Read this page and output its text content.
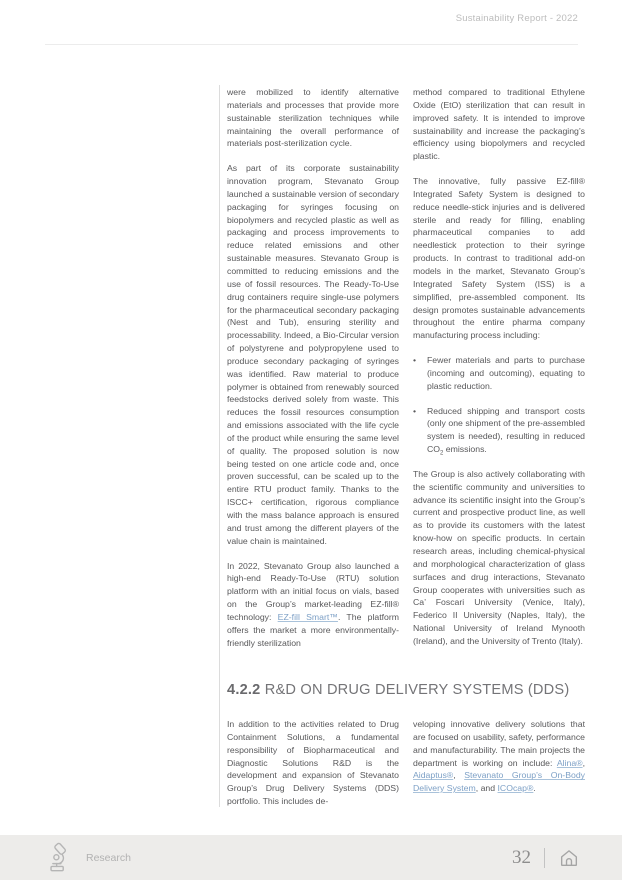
Sustainability Report - 2022
were mobilized to identify alternative materials and processes that provide more sustainable sterilization techniques while maintaining the overall performance of materials post-sterilization cycle.
As part of its corporate sustainability innovation program, Stevanato Group launched a sustainable version of secondary packaging for syringes focusing on biopolymers and recycled plastic as well as packaging and process improvements to reduce related emissions and other sustainable measures. Stevanato Group is committed to reducing emissions and the use of fossil resources. The Ready-To-Use drug containers require single-use polymers for the pharmaceutical secondary packaging (Nest and Tub), ensuring sterility and processability. Indeed, a Bio-Circular version of polystyrene and polypropylene used to produce secondary packaging of syringes was identified. Raw material to produce polymer is obtained from renewably sourced feedstocks derived solely from waste. This reduces the fossil resources consumption and emissions associated with the life cycle of the product while ensuring the same level of quality. The proposed solution is now being tested on one article code and, once proven successful, can be scaled up to the entire RTU product family. Thanks to the ISCC+ certification, rigorous compliance with the mass balance approach is ensured and trust among the different players of the value chain is maintained.
In 2022, Stevanato Group also launched a high-end Ready-To-Use (RTU) solution platform with an initial focus on vials, based on the Group’s market-leading EZ-fill® technology: EZ-fill Smart™. The platform offers the market a more environmentally-friendly sterilization
method compared to traditional Ethylene Oxide (EtO) sterilization that can result in improved safety. It is intended to improve sustainability and increase the packaging’s efficiency using biopolymers and recycled plastic.
The innovative, fully passive EZ-fill® Integrated Safety System is designed to reduce needle-stick injuries and is delivered sterile and ready for filling, enabling pharmaceutical companies to add needlestick protection to their syringe products. In contrast to traditional add-on models in the market, Stevanato Group’s Integrated Safety System (ISS) is a simplified, pre-assembled component. Its design promotes sustainable advancements throughout the entire pharma company manufacturing process including:
•	Fewer materials and parts to purchase (incoming and outcoming), equating to plastic reduction.
•	Reduced shipping and transport costs (only one shipment of the pre-assembled system is needed), resulting in reduced $CO_2$ emissions.
The Group is also actively collaborating with the scientific community and universities to advance its scientific insight into the Group’s current and prospective product line, as well as to provide its customers with the latest know-how on specific products. In certain research areas, including chemical-physical and morphological characterization of glass surfaces and drug interactions, Stevanato Group cooperates with universities such as Ca’ Foscari University (Venice, Italy), Federico II University (Naples, Italy), the National University of Ireland Mynooth (Ireland), and the University of Trento (Italy).
4.2.2 R&D ON DRUG DELIVERY SYSTEMS (DDS)
In addition to the activities related to Drug Containment Solutions, a fundamental responsibility of Biopharmaceutical and Diagnostic Solutions R&D is the development and expansion of Stevanato Group’s Drug Delivery Systems (DDS) portfolio. This includes de-
veloping innovative delivery solutions that are focused on usability, safety, performance and manufacturability. The main projects the department is working on include: Alina®, Aidaptus®, Stevanato Group’s On-Body Delivery System, and ICOcap®.
Research	32
